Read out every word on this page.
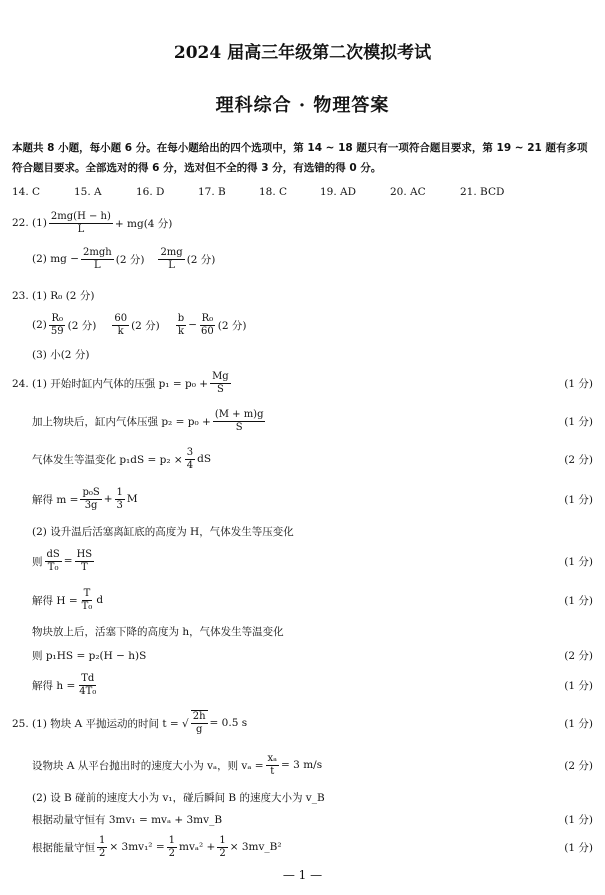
2024 届高三年级第二次模拟考试
理科综合 · 物理答案
本题共 8 小题，每小题 6 分。在每小题给出的四个选项中，第 14 ~ 18 题只有一项符合题目要求，第 19 ~ 21 题有多项符合题目要求。全部选对的得 6 分，选对但不全的得 3 分，有选错的得 0 分。
14. C	15. A	16. D	17. B	18. C	19. AD	20. AC	21. BCD
22. $(1) \frac{2mg(H - h)}{L} + mg(4$ 分)
(2) mg − $\frac{\text{2mgh}}{L} (2$ 分) $\frac{2mg}{L} (2$ 分)
23. (1) R₀ (2 分)
$(2) \frac{\text{R₀}}{59} (2$ 分) $\frac{60}{k} (2$ 分) $\frac{b}{k} - \frac{\text{R₀}}{60} (2$ 分)
(3) 小(2 分)
24. (1) 开始时缸内气体的压强 $p_1 = p_0 + \frac{Mg}{S}$	(1 分)
加上物块后，缸内气体压强 $p_2 = p_0 + \frac{(M + m)g}{S}$	(1 分)
气体发生等温变化 $p_1dS = p_2 \times \frac{3}{4}$ dS	(2 分)
解得 $m = \frac{\text{p₀S}}{3g} + \frac{1}{3}$ M	(1 分)
(2) 设升温后活塞离缸底的高度为 H，气体发生等压变化
则 $\frac{dS}{\text{T₀}} = \frac{HS}{T}$	(1 分)
解得 $H = \frac{T}{\text{T₀}}$ d	(1 分)
物块放上后，活塞下降的高度为 h，气体发生等温变化
则 p₁HS = p₂(H − h)S	(2 分)
解得 $h = \frac{Td}{\text{4T₀}}$	(1 分)
25. (1) 物块 A 平抛运动的时间 t = √ $\frac{2h}{g} = 0.5$ s	(1 分)
设物块 A 从平台抛出时的速度大小为 vₐ，则 $v_a = \frac{\text{xₐ}}{t} = 3$ m/s	(2 分)
(2) 设 B 碰前的速度大小为 v₁，碰后瞬间 B 的速度大小为 v_B
根据动量守恒有 3mv₁ = mvₐ + 3mv_B	(1 分)
根据能量守恒 $\frac{1}{2} \times 3mv_1^2 = \frac{1}{2} mv_a^2 + \frac{1}{2}$ × 3mv_B²	(1 分)
— 1 —
